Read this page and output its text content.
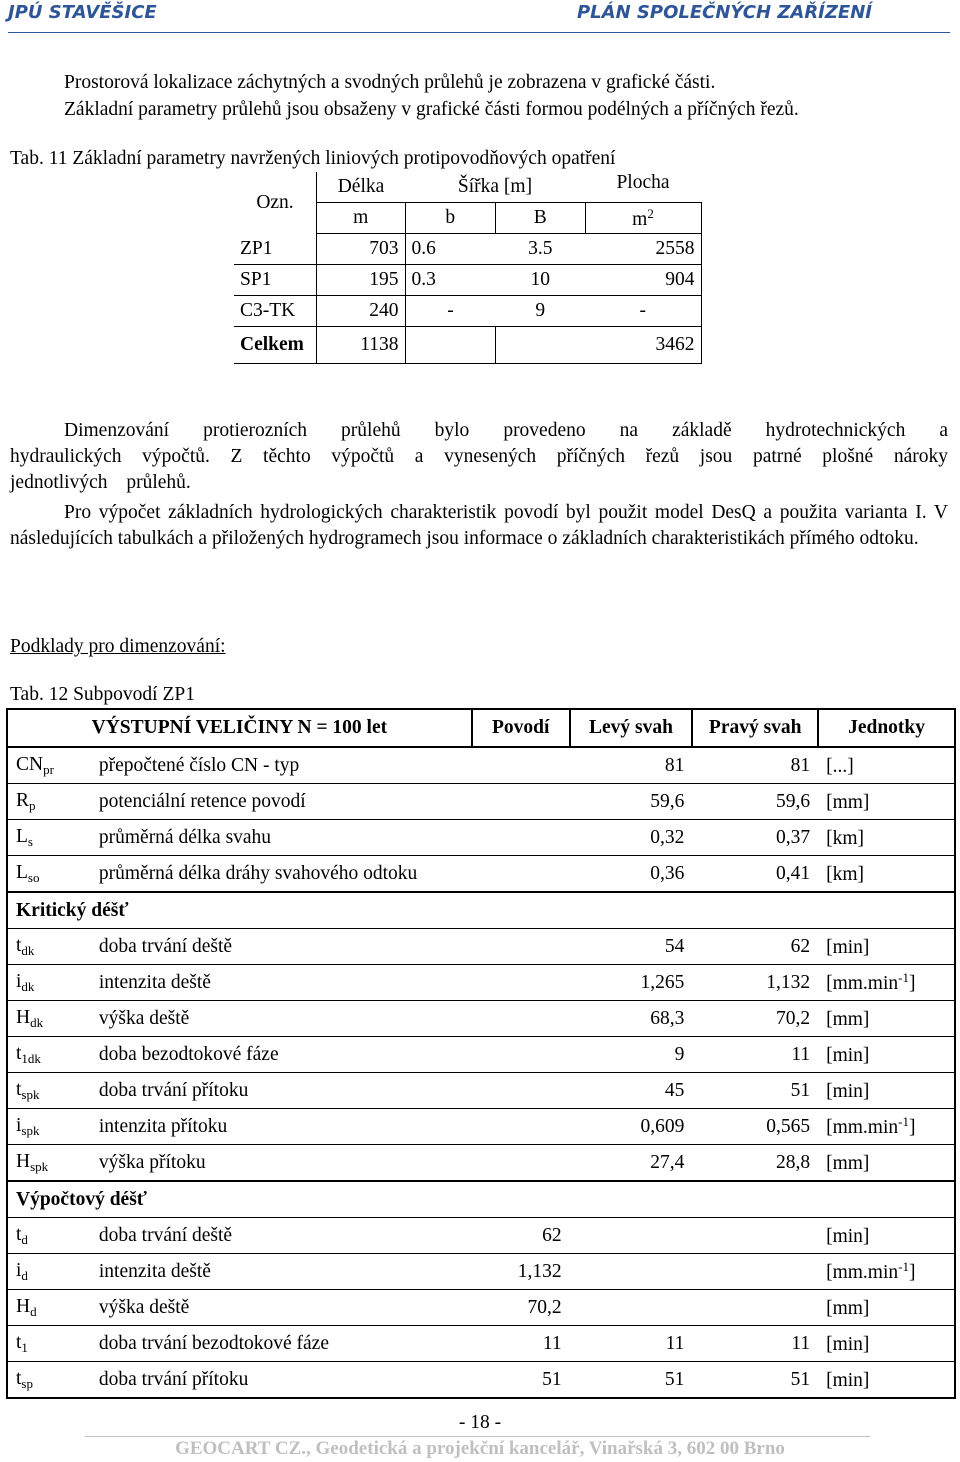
JPÚ STAVĚŠICE	PLÁN SPOLEČNÝCH ZAŘÍZENÍ
Prostorová lokalizace záchytných a svodných průlehů je zobrazena v grafické části.
Základní parametry průlehů jsou obsaženy v grafické části formou podélných a příčných řezů.
Tab. 11 Základní parametry navržených liniových protipovodňových opatření
Ozn.	Délka	Šířka [m]		Plocha
	m	b	B	$m^2$
ZP1	703	0.6	3.5	2558
SP1	195	0.3	10	904
C3-TK	240	-	9	-
Celkem	1138			3462
Dimenzování protierozních průlehů bylo provedeno na základě hydrotechnických a hydraulických výpočtů. Z těchto výpočtů a vynesených příčných řezů jsou patrné plošné nároky jednotlivých průlehů.
Pro výpočet základních hydrologických charakteristik povodí byl použit model DesQ a použita varianta I. V následujících tabulkách a přiložených hydrogramech jsou informace o základních charakteristikách přímého odtoku.
Podklady pro dimenzování:
Tab. 12 Subpovodí ZP1
VÝSTUPNÍ VELIČINY N = 100 let		Povodí	Levý svah	Pravý svah	Jednotky
$CN_{pr}$	přepočtené číslo CN - typ		81	81	[...]
$R_p$	potenciální retence povodí		59,6	59,6	[mm]
$L_s$	průměrná délka svahu		0,32	0,37	[km]
$L_{so}$	průměrná délka dráhy svahového odtoku		0,36	0,41	[km]
Kritický déšť					
$t_{dk}$	doba trvání deště		54	62	[min]
$i_{dk}$	intenzita deště		1,265	1,132	$[mm.\min^{-1}]$
$H_{dk}$	výška deště		68,3	70,2	[mm]
$t_{1dk}$	doba bezodtokové fáze		9	11	[min]
$t_{spk}$	doba trvání přítoku		45	51	[min]
$i_{spk}$	intenzita přítoku		0,609	0,565	$[mm.\min^{-1}]$
$H_{spk}$	výška přítoku		27,4	28,8	[mm]
Výpočtový déšť					
$t_d$	doba trvání deště	62			[min]
$i_d$	intenzita deště	1,132			$[mm.\min^{-1}]$
$H_d$	výška deště	70,2			[mm]
$t_1$	doba trvání bezodtokové fáze	11	11	11	[min]
$t_{sp}$	doba trvání přítoku	51	51	51	[min]
- 18 -
GEOCART CZ., Geodetická a projekční kancelář, Vinařská 3, 602 00 Brno
